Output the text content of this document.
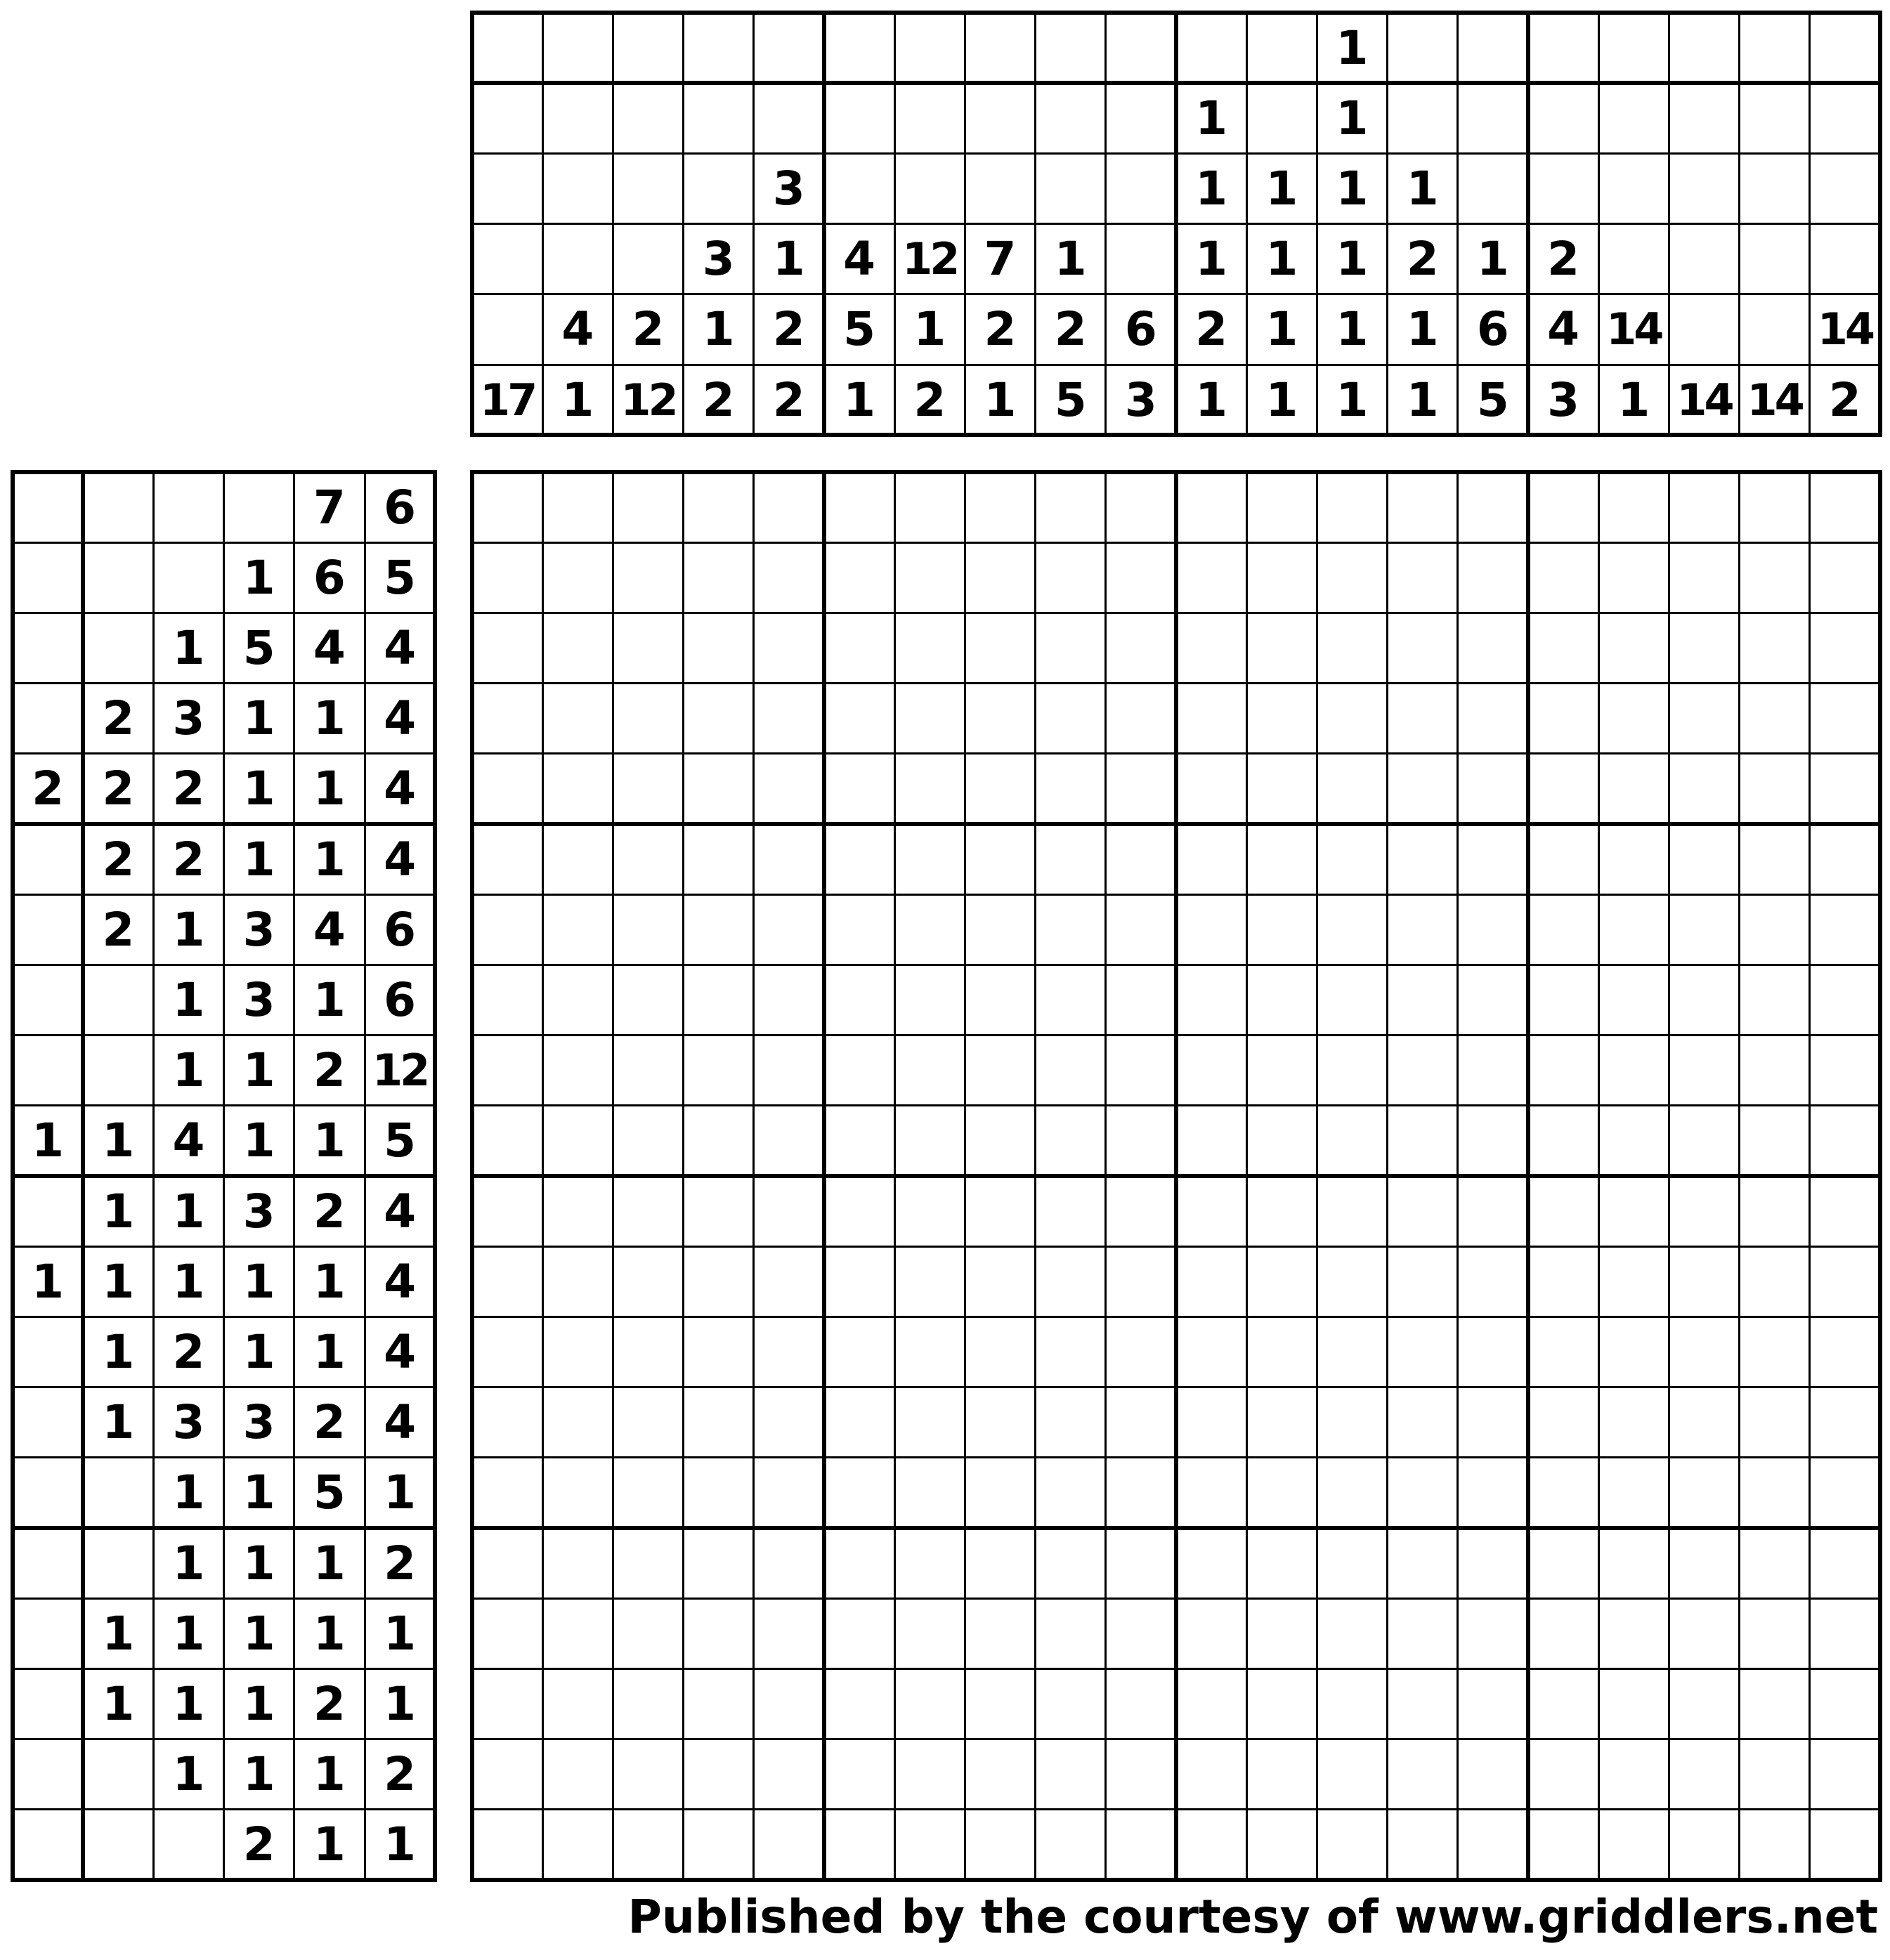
17
4
1
2
12
3
1
2
3
1
2
2
4
5
1
12
1
2
7
2
1
1
2
5
6
3
1
1
1
2
1
1
1
1
1
1
1
1
1
1
1
1
2
1
1
1
6
5
2
4
3
14
1 14 14
14
2
7 6
1 6 5
1 5 4 4
2 3 1 1 4
2 2 2 1 1 4
2 2 1 1 4
2 1 3 4 6
1 3 1 6
1 1 2 12
1 1 4 1 1 5
1 1 3 2 4
1 1 1 1 1 4
1 2 1 1 4
1 3 3 2 4
1 1 5 1
1 1 1 2
1 1 1 1 1
1 1 1 2 1
1 1 1 2
2 1 1
Published by the courtesy of www.griddlers.net
